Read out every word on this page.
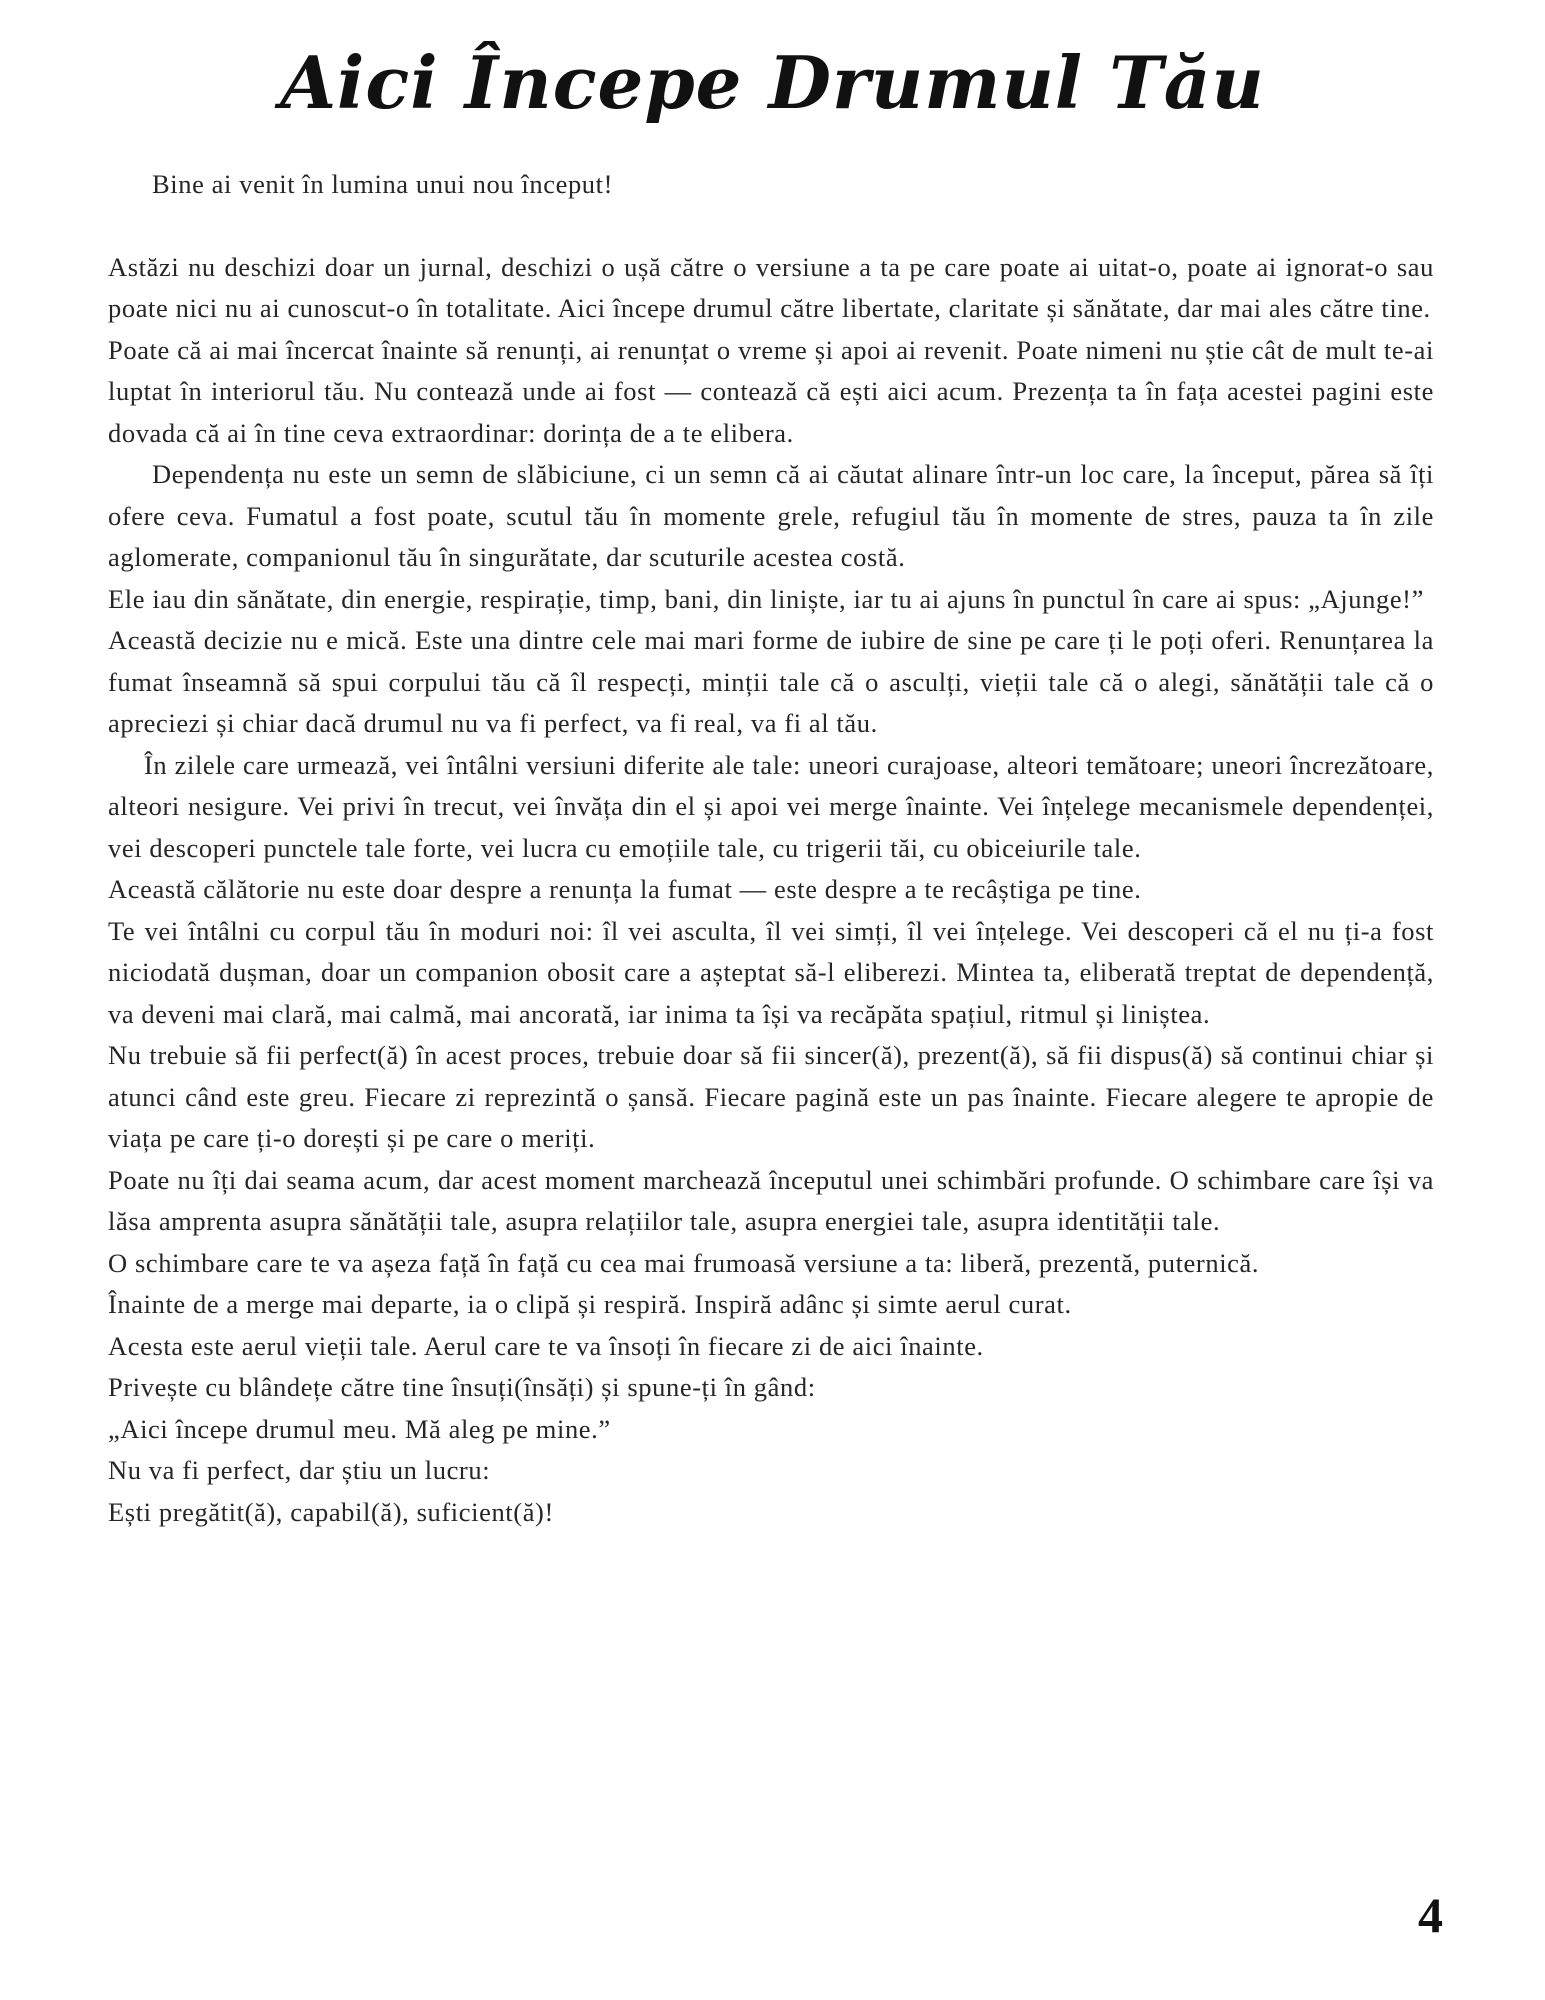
Aici Începe Drumul Tău

Bine ai venit în lumina unui nou început!

Astăzi nu deschizi doar un jurnal, deschizi o ușă către o versiune a ta pe care poate ai uitat-o, poate ai ignorat-o sau poate nici nu ai cunoscut-o în totalitate. Aici începe drumul către libertate, claritate și sănătate, dar mai ales către tine.

Poate că ai mai încercat înainte să renunți, ai renunțat o vreme și apoi ai revenit. Poate nimeni nu știe cât de mult te-ai luptat în interiorul tău. Nu contează unde ai fost — contează că ești aici acum. Prezența ta în fața acestei pagini este dovada că ai în tine ceva extraordinar: dorința de a te elibera.

Dependența nu este un semn de slăbiciune, ci un semn că ai căutat alinare într-un loc care, la început, părea să îți ofere ceva. Fumatul a fost poate, scutul tău în momente grele, refugiul tău în momente de stres, pauza ta în zile aglomerate, companionul tău în singurătate, dar scuturile acestea costă.

Ele iau din sănătate, din energie, respirație, timp, bani, din liniște, iar tu ai ajuns în punctul în care ai spus: „Ajunge!”

Această decizie nu e mică. Este una dintre cele mai mari forme de iubire de sine pe care ți le poți oferi. Renunțarea la fumat înseamnă să spui corpului tău că îl respecți, minții tale că o asculți, vieții tale că o alegi, sănătății tale că o apreciezi și chiar dacă drumul nu va fi perfect, va fi real, va fi al tău.

În zilele care urmează, vei întâlni versiuni diferite ale tale: uneori curajoase, alteori temătoare; uneori încrezătoare, alteori nesigure. Vei privi în trecut, vei învăța din el și apoi vei merge înainte. Vei înțelege mecanismele dependenței, vei descoperi punctele tale forte, vei lucra cu emoțiile tale, cu trigerii tăi, cu obiceiurile tale.

Această călătorie nu este doar despre a renunța la fumat — este despre a te recâștiga pe tine.

Te vei întâlni cu corpul tău în moduri noi: îl vei asculta, îl vei simți, îl vei înțelege. Vei descoperi că el nu ți-a fost niciodată dușman, doar un companion obosit care a așteptat să-l eliberezi. Mintea ta, eliberată treptat de dependență, va deveni mai clară, mai calmă, mai ancorată, iar inima ta își va recăpăta spațiul, ritmul și liniștea.

Nu trebuie să fii perfect(ă) în acest proces, trebuie doar să fii sincer(ă), prezent(ă), să fii dispus(ă) să continui chiar și atunci când este greu. Fiecare zi reprezintă o șansă. Fiecare pagină este un pas înainte. Fiecare alegere te apropie de viața pe care ți-o dorești și pe care o meriți.

Poate nu îți dai seama acum, dar acest moment marchează începutul unei schimbări profunde. O schimbare care își va lăsa amprenta asupra sănătății tale, asupra relațiilor tale, asupra energiei tale, asupra identității tale.

O schimbare care te va așeza față în față cu cea mai frumoasă versiune a ta: liberă, prezentă, puternică.

Înainte de a merge mai departe, ia o clipă și respiră. Inspiră adânc și simte aerul curat.

Acesta este aerul vieții tale. Aerul care te va însoți în fiecare zi de aici înainte.

Privește cu blândețe către tine însuți(însăți) și spune-ți în gând:

„Aici începe drumul meu. Mă aleg pe mine.”

Nu va fi perfect, dar știu un lucru:

Ești pregătit(ă), capabil(ă), suficient(ă)!

4
